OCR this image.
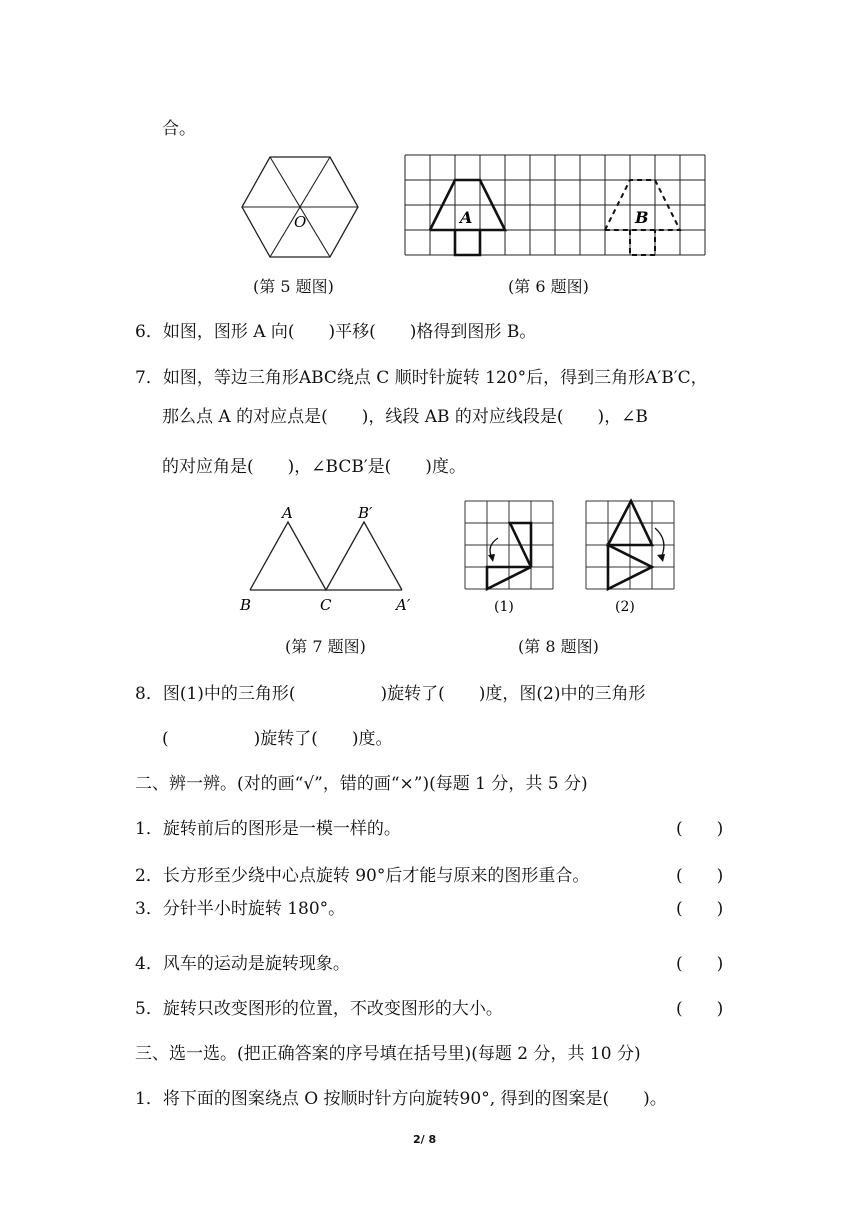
合。
O	A	B
(第 5 题图)	(第 6 题图)
6．如图，图形 A 向(　　)平移(　　)格得到图形 B。
7．如图，等边三角形ABC绕点 C 顺时针旋转 120°后，得到三角形A′B′C，
那么点 A 的对应点是(　　)，线段 AB 的对应线段是(　　)，∠B
的对应角是(　　)，∠BCB′是(　　)度。
A	B′
B	C	A′	(1)	(2)
(第 7 题图)	(第 8 题图)
8．图(1)中的三角形(　　　　　)旋转了(　　)度，图(2)中的三角形
(　　　　　)旋转了(　　)度。
二、辨一辨。(对的画“√”，错的画“×”)(每题 1 分，共 5 分)
1．旋转前后的图形是一模一样的。	(　　)
2．长方形至少绕中心点旋转 90°后才能与原来的图形重合。	(　　)
3．分针半小时旋转 180°。	(　　)
4．风车的运动是旋转现象。	(　　)
5．旋转只改变图形的位置，不改变图形的大小。	(　　)
三、选一选。(把正确答案的序号填在括号里)(每题 2 分，共 10 分)
1．将下面的图案绕点 O 按顺时针方向旋转90°, 得到的图案是(　　)。
2/ 8
